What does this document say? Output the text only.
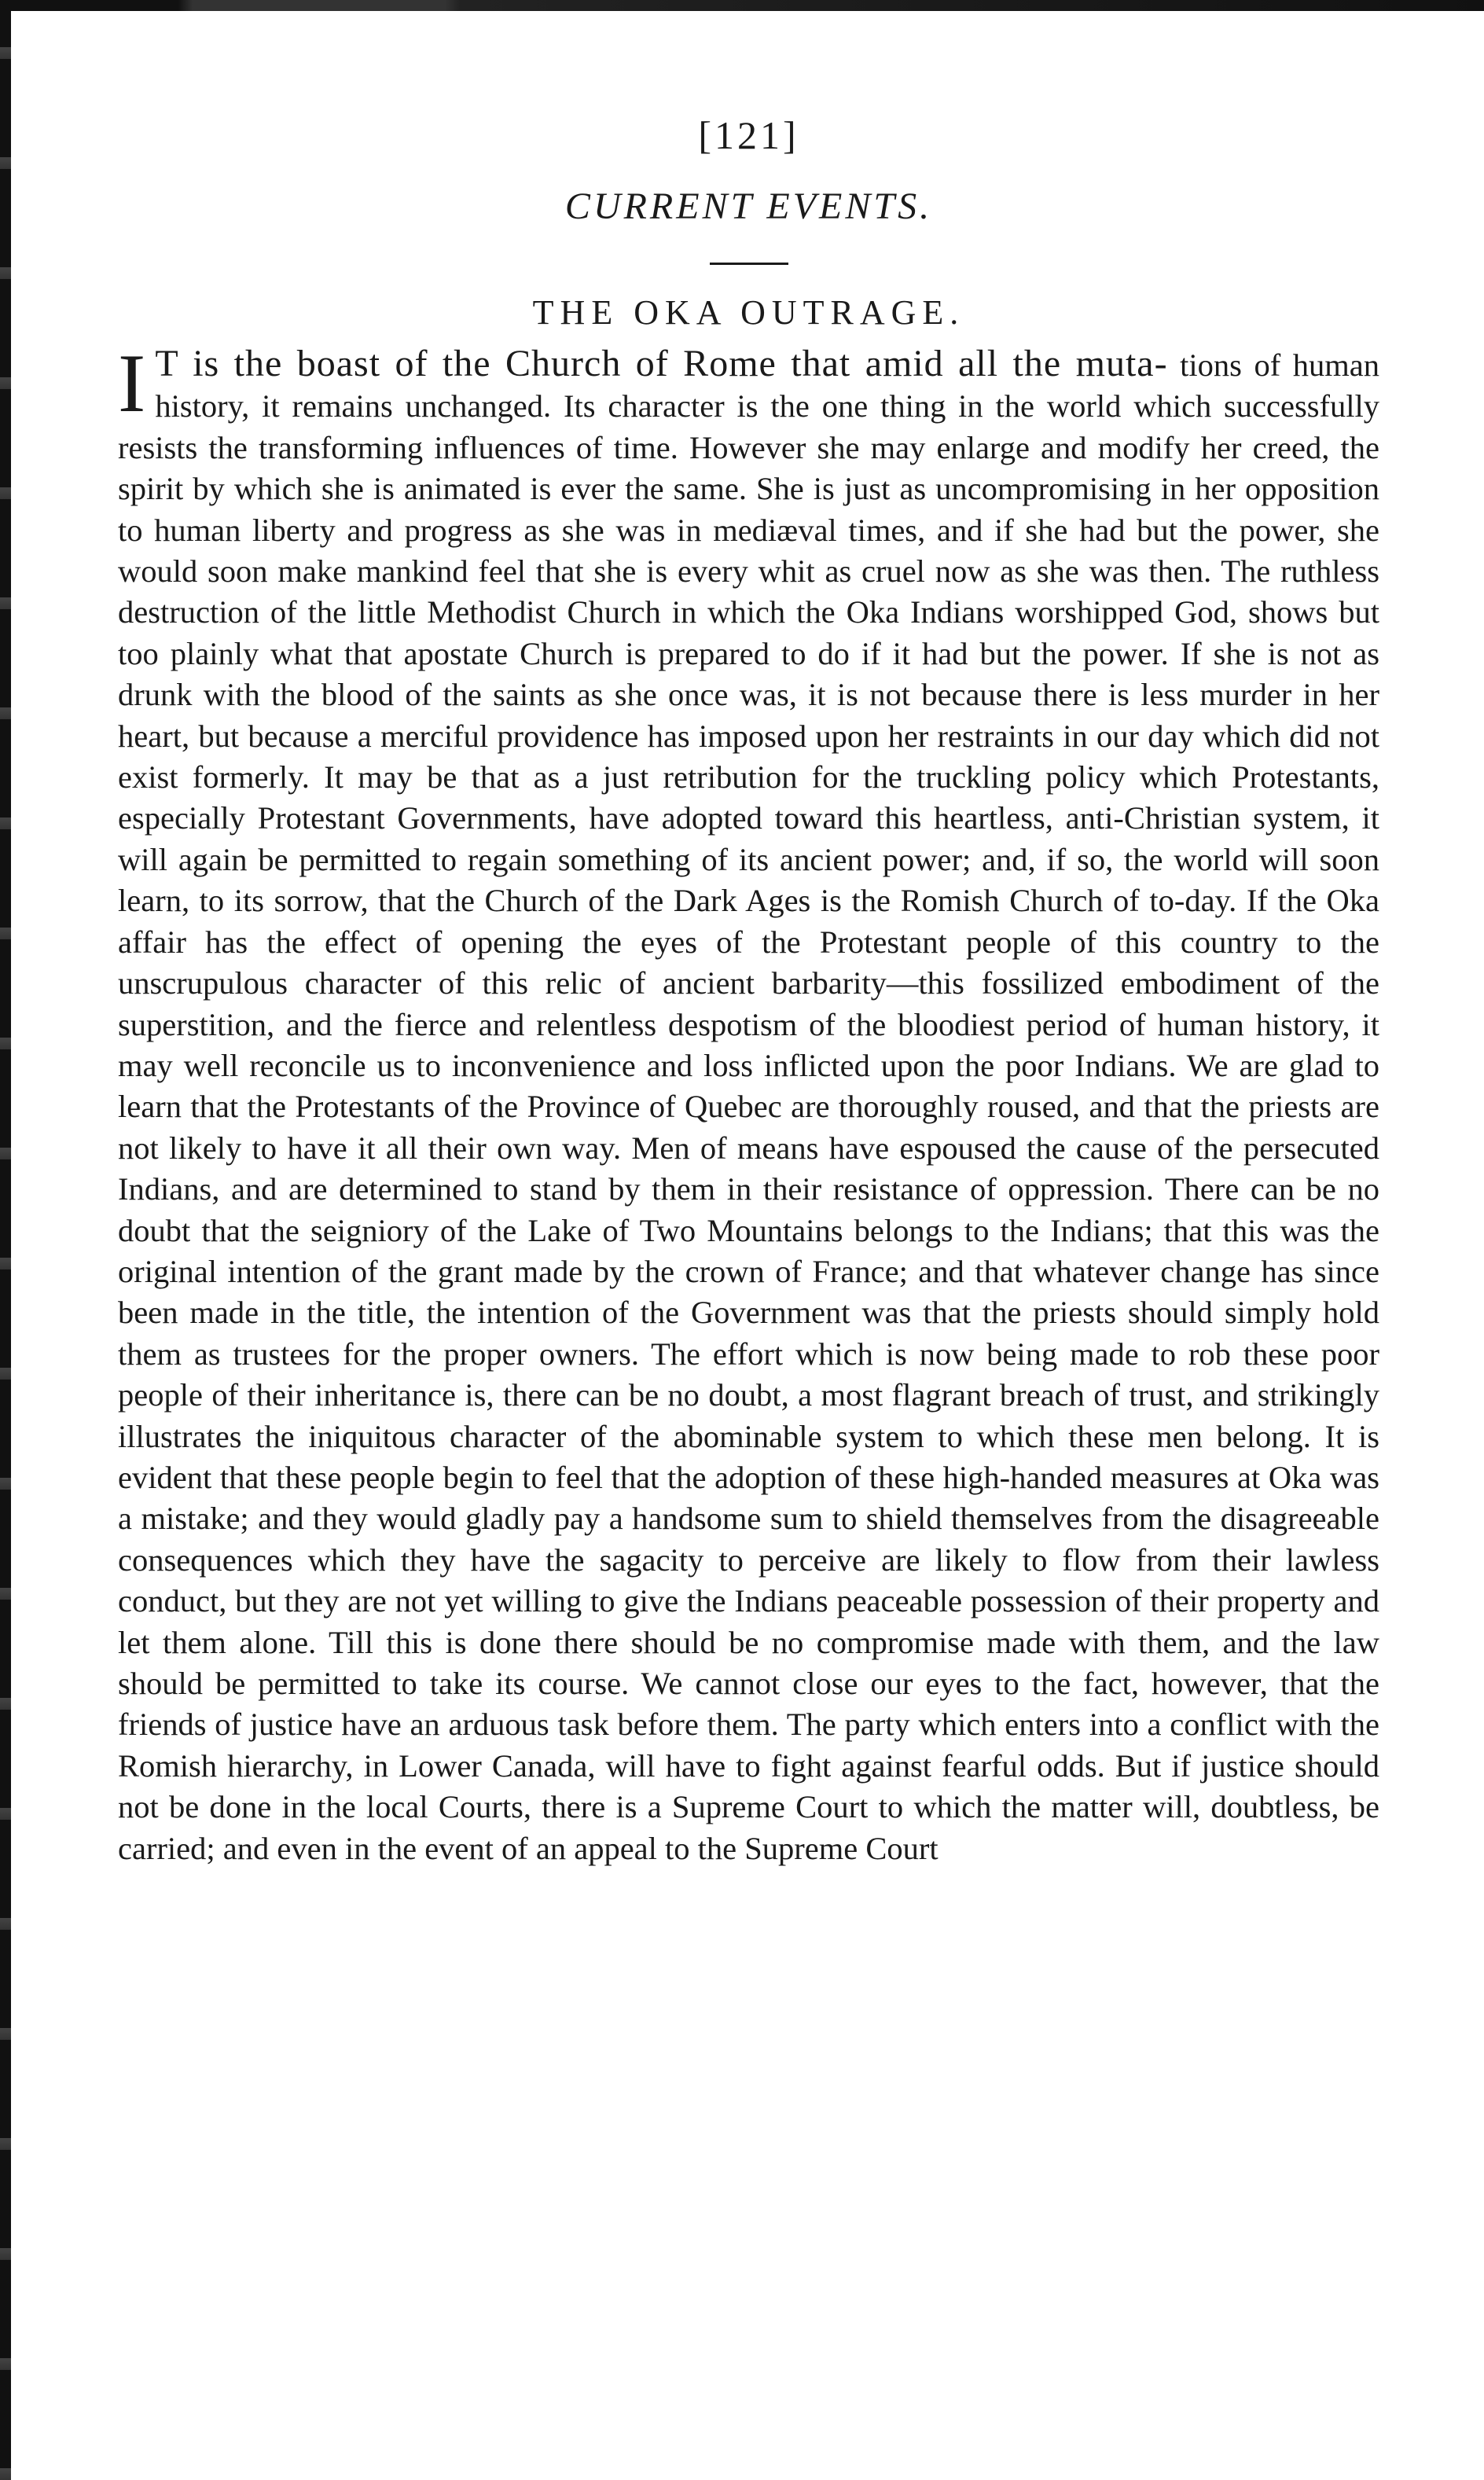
[121]
CURRENT EVENTS.
THE OKA OUTRAGE.

I T is the boast of the Church of Rome that amid all the muta- tions of human history, it remains unchanged. Its character is the one thing in the world which successfully resists the transforming influences of time. However she may enlarge and modify her creed, the spirit by which she is animated is ever the same. She is just as uncompromising in her opposition to human liberty and progress as she was in mediæval times, and if she had but the power, she would soon make mankind feel that she is every whit as cruel now as she was then. The ruthless destruction of the little Methodist Church in which the Oka Indians worshipped God, shows but too plainly what that apostate Church is prepared to do if it had but the power. If she is not as drunk with the blood of the saints as she once was, it is not because there is less murder in her heart, but because a merciful providence has imposed upon her restraints in our day which did not exist formerly. It may be that as a just retribution for the truckling policy which Protestants, especially Protestant Governments, have adopted toward this heartless, anti-Christian system, it will again be permitted to regain something of its ancient power; and, if so, the world will soon learn, to its sorrow, that the Church of the Dark Ages is the Romish Church of to-day. If the Oka affair has the effect of opening the eyes of the Protestant people of this country to the unscrupulous character of this relic of ancient barbarity—this fossilized embodiment of the superstition, and the fierce and relentless despotism of the bloodiest period of human history, it may well reconcile us to inconvenience and loss inflicted upon the poor Indians. We are glad to learn that the Protestants of the Province of Quebec are thoroughly roused, and that the priests are not likely to have it all their own way. Men of means have espoused the cause of the persecuted Indians, and are determined to stand by them in their resistance of oppression. There can be no doubt that the seigniory of the Lake of Two Mountains belongs to the Indians; that this was the original intention of the grant made by the crown of France; and that whatever change has since been made in the title, the intention of the Government was that the priests should simply hold them as trustees for the proper owners. The effort which is now being made to rob these poor people of their inheritance is, there can be no doubt, a most flagrant breach of trust, and strikingly illustrates the iniquitous character of the abominable system to which these men belong. It is evident that these people begin to feel that the adoption of these high-handed measures at Oka was a mistake; and they would gladly pay a handsome sum to shield themselves from the disagreeable consequences which they have the sagacity to perceive are likely to flow from their lawless conduct, but they are not yet willing to give the Indians peaceable possession of their property and let them alone. Till this is done there should be no compromise made with them, and the law should be permitted to take its course. We cannot close our eyes to the fact, however, that the friends of justice have an arduous task before them. The party which enters into a conflict with the Romish hierarchy, in Lower Canada, will have to fight against fearful odds. But if justice should not be done in the local Courts, there is a Supreme Court to which the matter will, doubtless, be carried; and even in the event of an appeal to the Supreme Court
